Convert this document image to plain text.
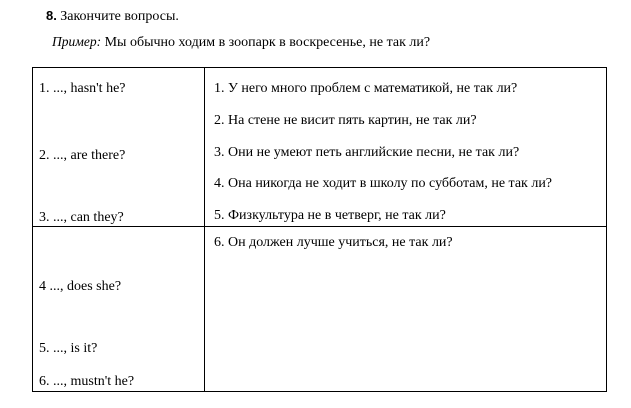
8. Закончите вопросы.
Пример: Мы обычно ходим в зоопарк в воскресенье, не так ли?
1. ..., hasn't he?
2. ..., are there?
3. ..., can they?
1. У него много проблем с математикой, не так ли?
2. На стене не висит пять картин, не так ли?
3. Они не умеют петь английские песни, не так ли?
4. Она никогда не ходит в школу по субботам, не так ли?
5. Физкультура не в четверг, не так ли?
4 ..., does she?
5. ..., is it?
6. ..., mustn't he?
6. Он должен лучше учиться, не так ли?
